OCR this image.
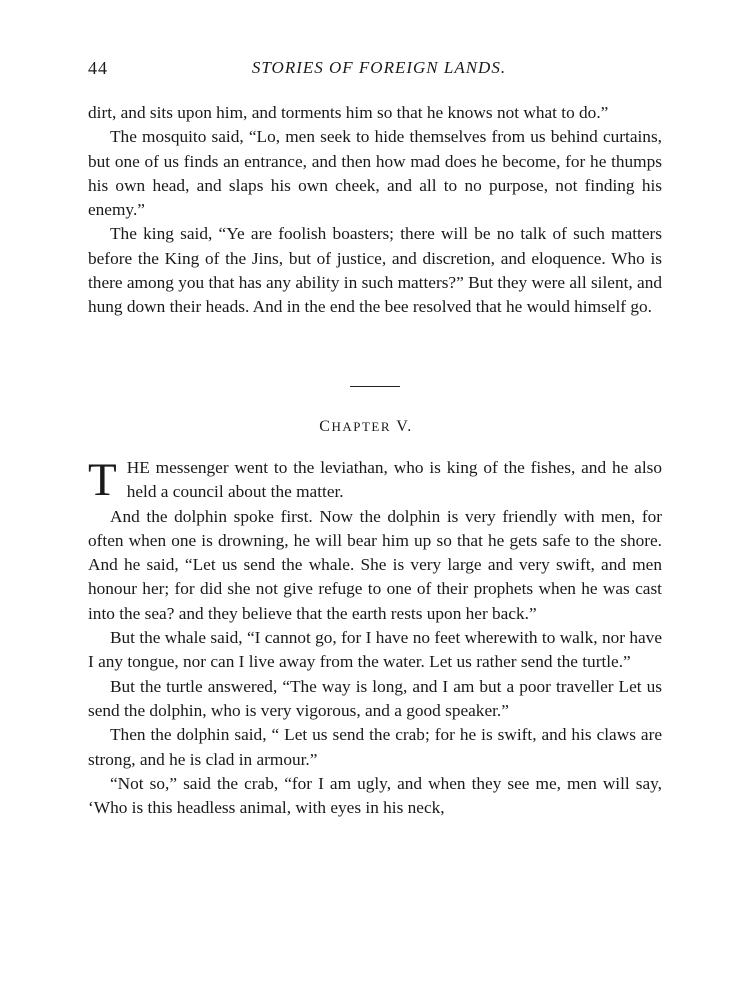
44	STORIES OF FOREIGN LANDS.

dirt, and sits upon him, and torments him so that he knows not what to do.”

The mosquito said, “Lo, men seek to hide themselves from us behind curtains, but one of us finds an entrance, and then how mad does he become, for he thumps his own head, and slaps his own cheek, and all to no purpose, not finding his enemy.”

The king said, “Ye are foolish boasters; there will be no talk of such matters before the King of the Jins, but of justice, and discretion, and eloquence. Who is there among you that has any ability in such matters?” But they were all silent, and hung down their heads. And in the end the bee resolved that he would himself go.

CHAPTER V.

THE messenger went to the leviathan, who is king of the fishes, and he also held a council about the matter.

And the dolphin spoke first. Now the dolphin is very friendly with men, for often when one is drowning, he will bear him up so that he gets safe to the shore. And he said, “Let us send the whale. She is very large and very swift, and men honour her; for did she not give refuge to one of their prophets when he was cast into the sea? and they believe that the earth rests upon her back.”

But the whale said, “I cannot go, for I have no feet wherewith to walk, nor have I any tongue, nor can I live away from the water. Let us rather send the turtle.”

But the turtle answered, “The way is long, and I am but a poor traveller Let us send the dolphin, who is very vigorous, and a good speaker.”

Then the dolphin said, “ Let us send the crab; for he is swift, and his claws are strong, and he is clad in armour.”

“Not so,” said the crab, “for I am ugly, and when they see me, men will say, ‘Who is this headless animal, with eyes in his neck,
